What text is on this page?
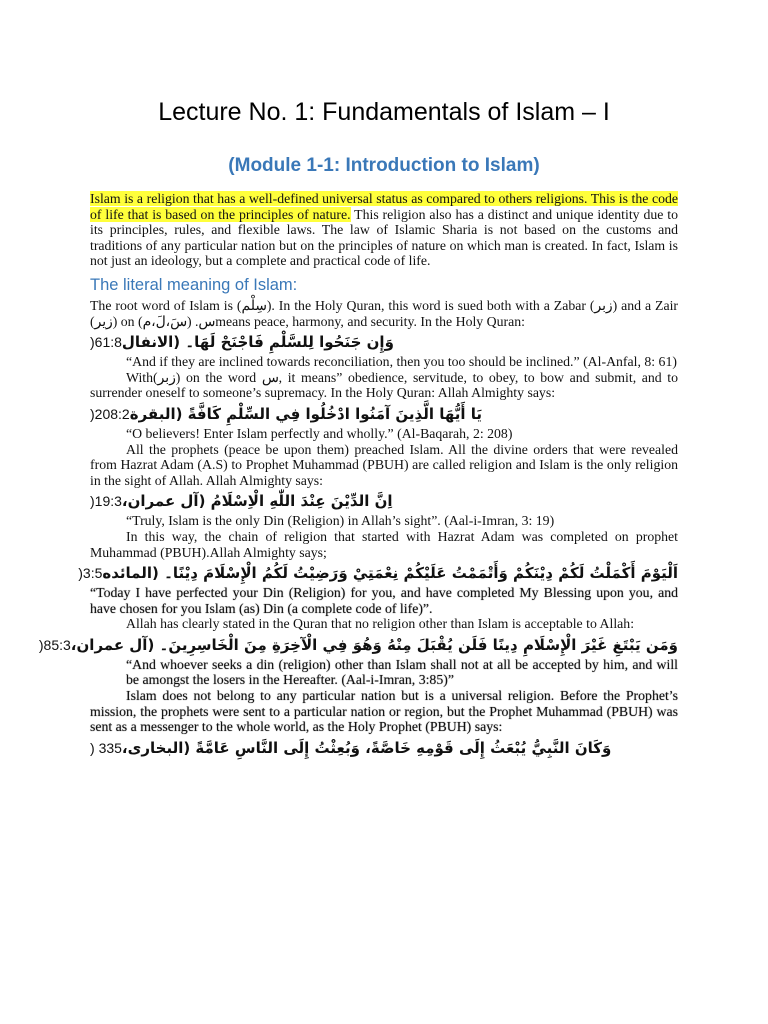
Lecture No. 1: Fundamentals of Islam – I
(Module 1-1: Introduction to Islam)

Islam is a religion that has a well-defined universal status as compared to others religions. This is the code of life that is based on the principles of nature. This religion also has a distinct and unique identity due to its principles, rules, and flexible laws. The law of Islamic Sharia is not based on the customs and traditions of any particular nation but on the principles of nature on which man is created. In fact, Islam is not just an ideology, but a complete and practical code of life.

The literal meaning of Islam:

The root word of Islam is (سِلْم). In the Holy Quran, this word is sued both with a Zabar (زبر) and a Zair (زير) on س. (سَ،لَ،م)means peace, harmony, and security. In the Holy Quran:

وَإِن جَنَحُوا لِلسَّلْمِ فَاجْنَحْ لَهَا۔ (الانفال61:8(

“And if they are inclined towards reconciliation, then you too should be inclined.” (Al-Anfal, 8: 61)

With(زبر) on the word س, it means” obedience, servitude, to obey, to bow and submit, and to surrender oneself to someone’s supremacy. In the Holy Quran: Allah Almighty says:

يَا أَيُّهَا الَّذِينَ آمَنُوا ادْخُلُوا فِي السِّلْمِ كَافَّةً (البقرة208:2(

“O believers! Enter Islam perfectly and wholly.” (Al-Baqarah, 2: 208)

All the prophets (peace be upon them) preached Islam. All the divine orders that were revealed from Hazrat Adam (A.S) to Prophet Muhammad (PBUH) are called religion and Islam is the only religion in the sight of Allah. Allah Almighty says:

اِنَّ الدِّيْنَ عِنْدَ اللّٰهِ الْاِسْلَامُ (آل عمران،19:3(

“Truly, Islam is the only Din (Religion) in Allah’s sight”. (Aal-i-Imran, 3: 19)

In this way, the chain of religion that started with Hazrat Adam was completed on prophet Muhammad (PBUH).Allah Almighty says;

اَلْيَوْمَ أَكْمَلْتُ لَكُمْ دِيْنَكُمْ وَأَتْمَمْتُ عَلَيْكُمْ نِعْمَتِيْ وَرَضِيْتُ لَكُمُ الْإِسْلَامَ دِيْنًا۔ (المائده3:5(

“Today I have perfected your Din (Religion) for you, and have completed My Blessing upon you, and have chosen for you Islam (as) Din (a complete code of life)”.

Allah has clearly stated in the Quran that no religion other than Islam is acceptable to Allah:

وَمَن يَبْتَغِ غَيْرَ الْإِسْلَامِ دِينًا فَلَن يُقْبَلَ مِنْهُ وَهُوَ فِي الْآخِرَةِ مِنَ الْخَاسِرِينَ۔ (آل عمران،85:3(

“And whoever seeks a din (religion) other than Islam shall not at all be accepted by him, and will be amongst the losers in the Hereafter. (Aal-i-Imran, 3:85)”

Islam does not belong to any particular nation but is a universal religion. Before the Prophet’s mission, the prophets were sent to a particular nation or region, but the Prophet Muhammad (PBUH) was sent as a messenger to the whole world, as the Holy Prophet (PBUH) says:

وَكَانَ النَّبِيُّ يُبْعَثُ إِلَى قَوْمِهِ خَاصَّةً، وَبُعِثْتُ إِلَى النَّاسِ عَامَّةً (البخارى،335 (
